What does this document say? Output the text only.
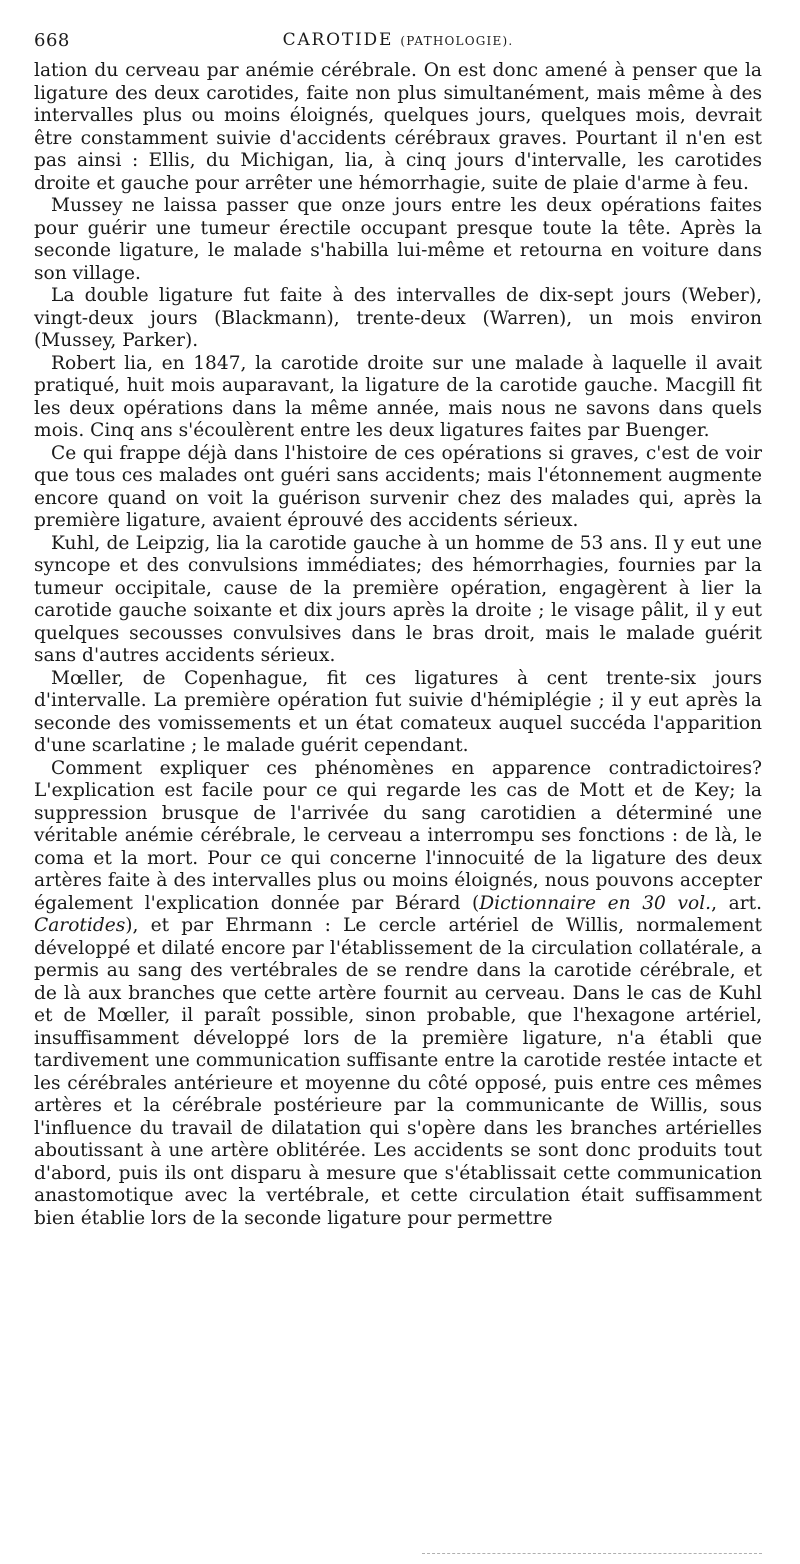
668	CAROTIDE (PATHOLOGIE).

lation du cerveau par anémie cérébrale. On est donc amené à penser que la ligature des deux carotides, faite non plus simultanément, mais même à des intervalles plus ou moins éloignés, quelques jours, quelques mois, devrait être constamment suivie d'accidents cérébraux graves. Pourtant il n'en est pas ainsi : Ellis, du Michigan, lia, à cinq jours d'intervalle, les carotides droite et gauche pour arrêter une hémorrhagie, suite de plaie d'arme à feu.

Mussey ne laissa passer que onze jours entre les deux opérations faites pour guérir une tumeur érectile occupant presque toute la tête. Après la seconde ligature, le malade s'habilla lui-même et retourna en voiture dans son village.

La double ligature fut faite à des intervalles de dix-sept jours (Weber), vingt-deux jours (Blackmann), trente-deux (Warren), un mois environ (Mussey, Parker).

Robert lia, en 1847, la carotide droite sur une malade à laquelle il avait pratiqué, huit mois auparavant, la ligature de la carotide gauche. Macgill fit les deux opérations dans la même année, mais nous ne savons dans quels mois. Cinq ans s'écoulèrent entre les deux ligatures faites par Buenger.

Ce qui frappe déjà dans l'histoire de ces opérations si graves, c'est de voir que tous ces malades ont guéri sans accidents; mais l'étonnement augmente encore quand on voit la guérison survenir chez des malades qui, après la première ligature, avaient éprouvé des accidents sérieux.

Kuhl, de Leipzig, lia la carotide gauche à un homme de 53 ans. Il y eut une syncope et des convulsions immédiates; des hémorrhagies, fournies par la tumeur occipitale, cause de la première opération, engagèrent à lier la carotide gauche soixante et dix jours après la droite ; le visage pâlit, il y eut quelques secousses convulsives dans le bras droit, mais le malade guérit sans d'autres accidents sérieux.

Mœller, de Copenhague, fit ces ligatures à cent trente-six jours d'intervalle. La première opération fut suivie d'hémiplégie ; il y eut après la seconde des vomissements et un état comateux auquel succéda l'apparition d'une scarlatine ; le malade guérit cependant.

Comment expliquer ces phénomènes en apparence contradictoires? L'explication est facile pour ce qui regarde les cas de Mott et de Key; la suppression brusque de l'arrivée du sang carotidien a déterminé une véritable anémie cérébrale, le cerveau a interrompu ses fonctions : de là, le coma et la mort. Pour ce qui concerne l'innocuité de la ligature des deux artères faite à des intervalles plus ou moins éloignés, nous pouvons accepter également l'explication donnée par Bérard (Dictionnaire en 30 vol., art. Carotides), et par Ehrmann : Le cercle artériel de Willis, normalement développé et dilaté encore par l'établissement de la circulation collatérale, a permis au sang des vertébrales de se rendre dans la carotide cérébrale, et de là aux branches que cette artère fournit au cerveau. Dans le cas de Kuhl et de Mœller, il paraît possible, sinon probable, que l'hexagone artériel, insuffisamment développé lors de la première ligature, n'a établi que tardivement une communication suffisante entre la carotide restée intacte et les cérébrales antérieure et moyenne du côté opposé, puis entre ces mêmes artères et la cérébrale postérieure par la communicante de Willis, sous l'influence du travail de dilatation qui s'opère dans les branches artérielles aboutissant à une artère oblitérée. Les accidents se sont donc produits tout d'abord, puis ils ont disparu à mesure que s'établissait cette communication anastomotique avec la vertébrale, et cette circulation était suffisamment bien établie lors de la seconde ligature pour permettre
